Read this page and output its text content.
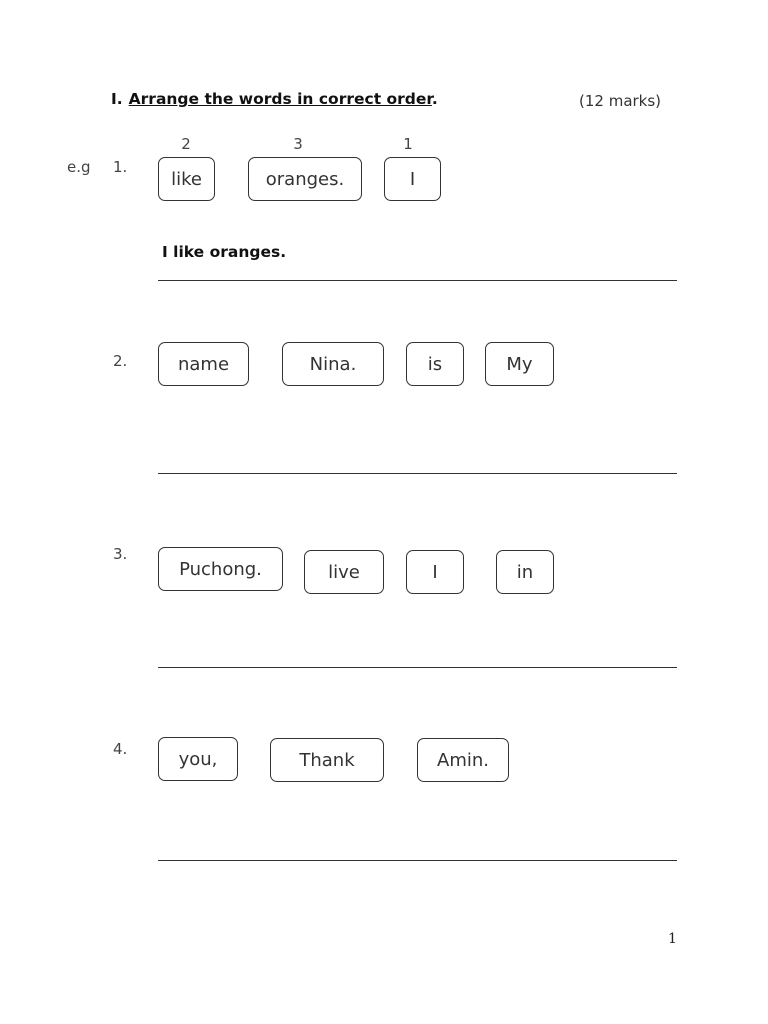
I. Arrange the words in correct order.	(12 marks)
e.g 1.
2	3	1
like	oranges.	I
I like oranges.
2.	name	Nina.	is	My
3.
Puchong.	live	I	in
4.	you,	Thank	Amin.
1
